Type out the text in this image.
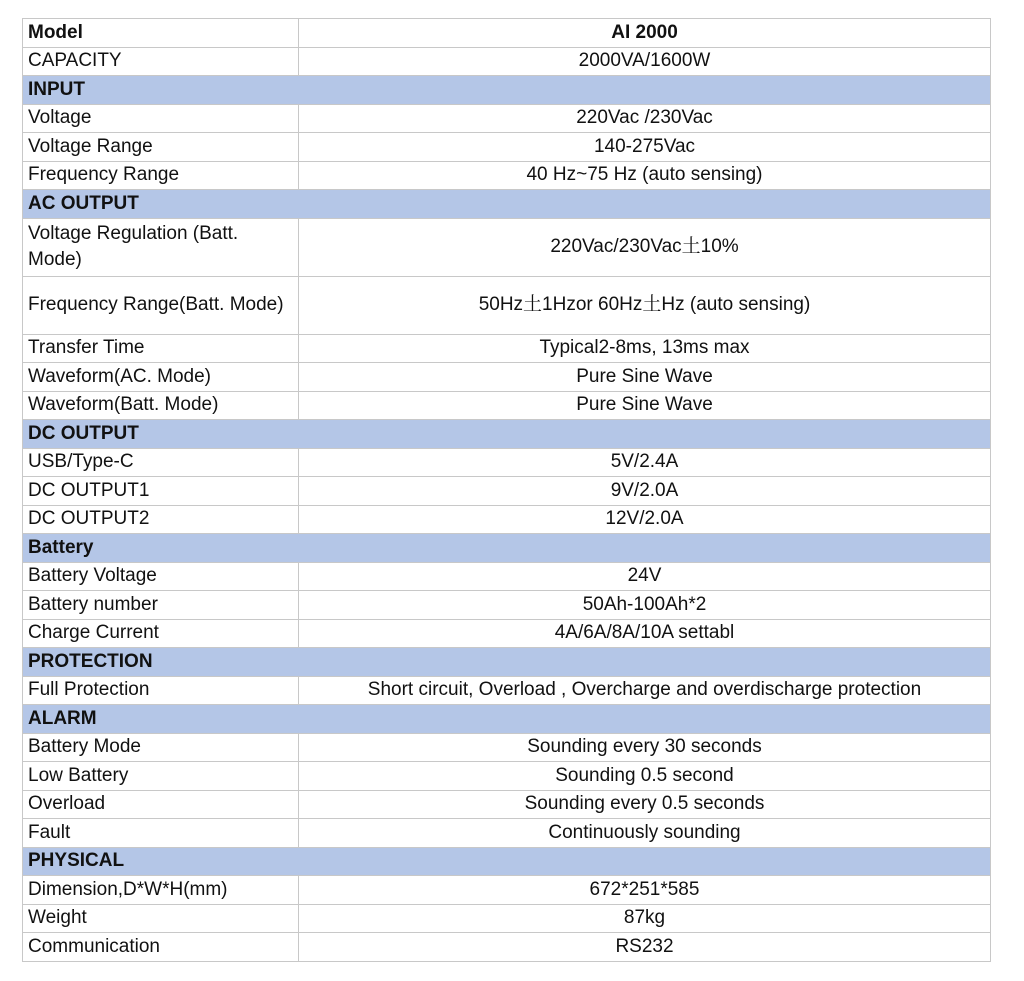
Model	AI 2000
CAPACITY	2000VA/1600W
INPUT	
Voltage	220Vac /230Vac
Voltage Range	140-275Vac
Frequency Range	40 Hz~75 Hz (auto sensing)
AC OUTPUT	
Voltage Regulation (Batt. Mode)	220Vac/230Vac土10%
Frequency Range(Batt. Mode)	50Hz土1Hzor 60Hz土Hz (auto sensing)
Transfer Time	Typical2-8ms, 13ms max
Waveform(AC. Mode)	Pure Sine Wave
Waveform(Batt. Mode)	Pure Sine Wave
DC OUTPUT	
USB/Type-C	5V/2.4A
DC OUTPUT1	9V/2.0A
DC OUTPUT2	12V/2.0A
Battery	
Battery Voltage	24V
Battery number	50Ah-100Ah*2
Charge Current	4A/6A/8A/10A settabl
PROTECTION	
Full Protection	Short circuit, Overload , Overcharge and overdischarge protection
ALARM	
Battery Mode	Sounding every 30 seconds
Low Battery	Sounding 0.5 second
Overload	Sounding every 0.5 seconds
Fault	Continuously sounding
PHYSICAL	
Dimension,D*W*H(mm)	672*251*585
Weight	87kg
Communication	RS232
